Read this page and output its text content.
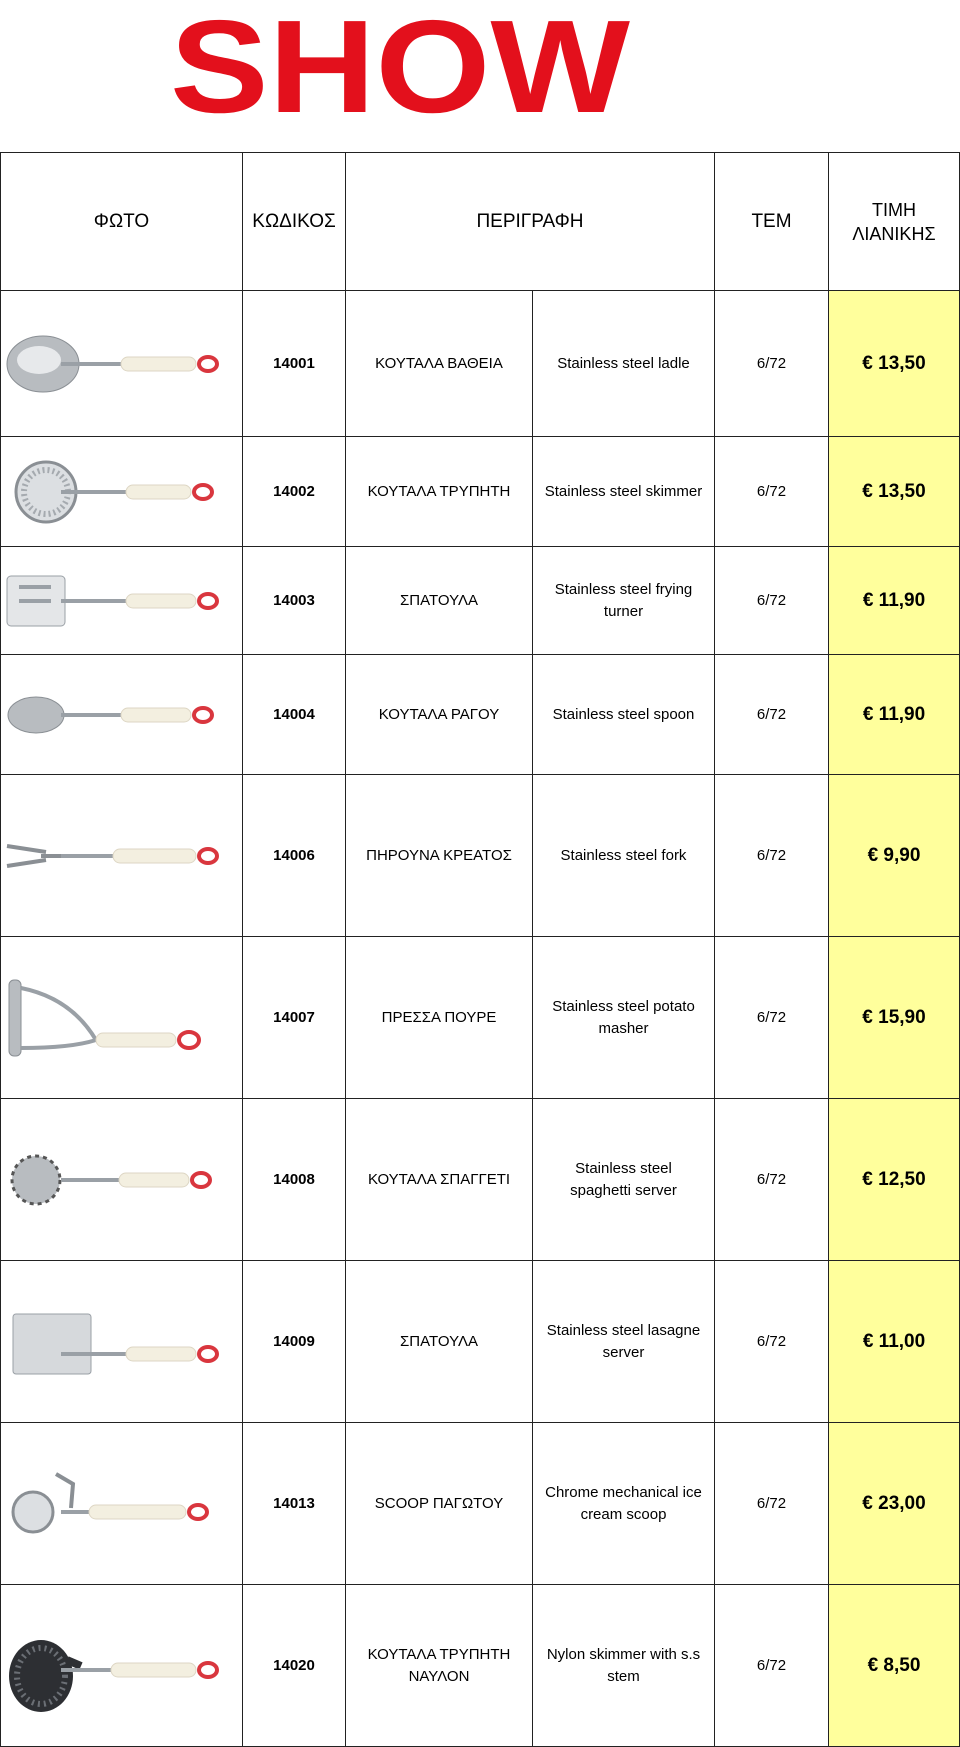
SHOW
ΦΩΤΟ	ΚΩΔΙΚΟΣ	ΠΕΡΙΓΡΑΦΗ		ΤΕΜ	ΤΙΜΗ ΛΙΑΝΙΚΗΣ

	14001	ΚΟΥΤΑΛΑ ΒΑΘΕΙΑ	Stainless steel ladle	6/72	€ 13,50

	14002	ΚΟΥΤΑΛΑ ΤΡΥΠΗΤΗ	Stainless steel skimmer	6/72	€ 13,50

	14003	ΣΠΑΤΟΥΛΑ	Stainless steel frying turner	6/72	€ 11,90

	14004	ΚΟΥΤΑΛΑ ΡΑΓΟΥ	Stainless steel spoon	6/72	€ 11,90

	14006	ΠΗΡΟΥΝΑ ΚΡΕΑΤΟΣ	Stainless steel fork	6/72	€ 9,90

	14007	ΠΡΕΣΣΑ ΠΟΥΡΕ	Stainless steel potato masher	6/72	€ 15,90

	14008	ΚΟΥΤΑΛΑ ΣΠΑΓΓΕΤΙ	Stainless steel spaghetti server	6/72	€ 12,50

	14009	ΣΠΑΤΟΥΛΑ	Stainless steel lasagne server	6/72	€ 11,00

	14013	SCOOP ΠΑΓΩΤΟΥ	Chrome mechanical ice cream scoop	6/72	€ 23,00

	14020	ΚΟΥΤΑΛΑ ΤΡΥΠΗΤΗ ΝΑΥΛΟΝ	Nylon skimmer with s.s stem	6/72	€ 8,50
